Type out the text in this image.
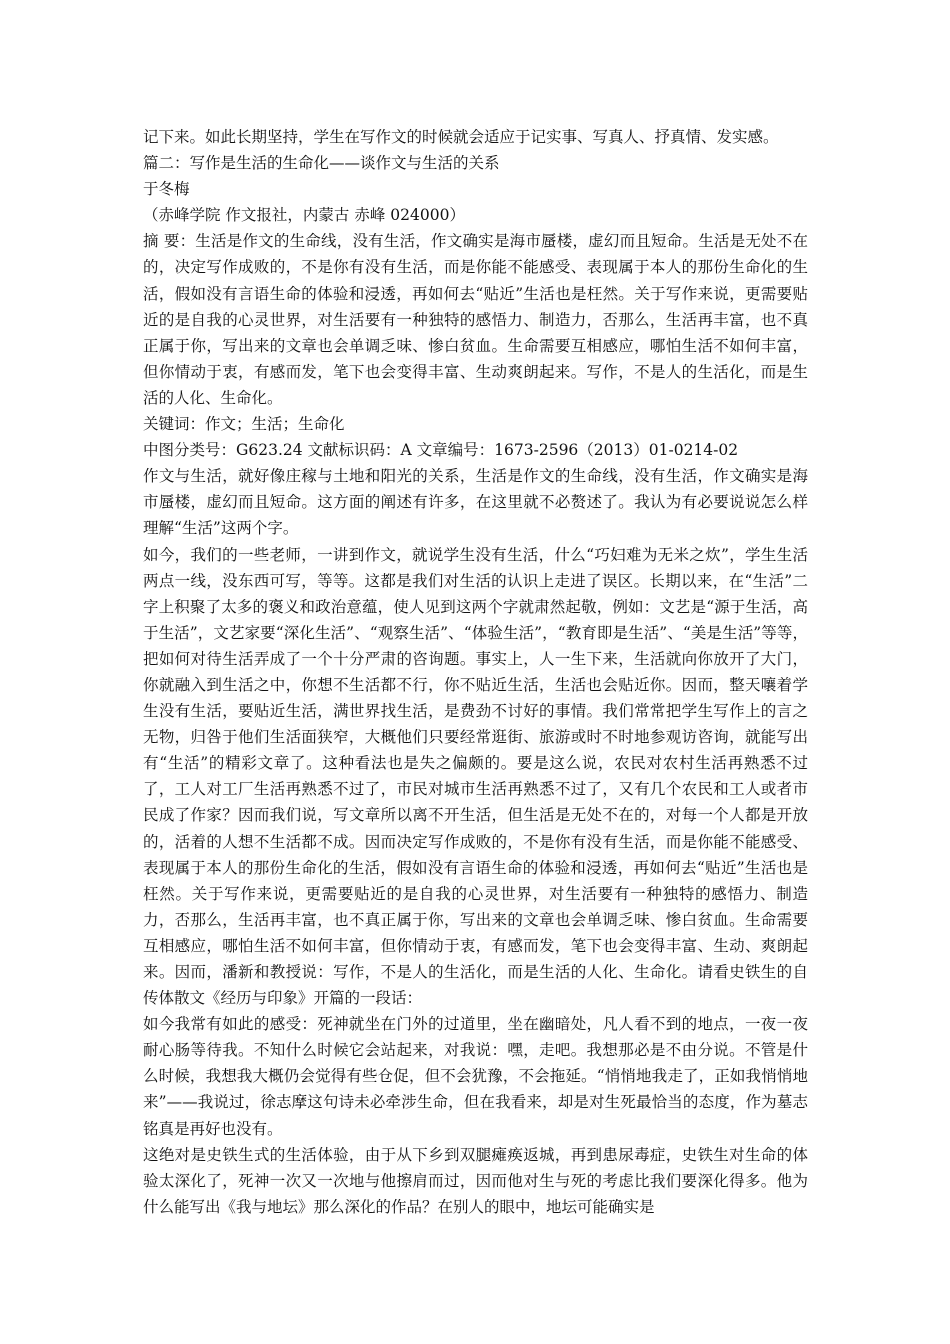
记下来。如此长期坚持，学生在写作文的时候就会适应于记实事、写真人、抒真情、发实感。

篇二：写作是生活的生命化——谈作文与生活的关系

于冬梅

（赤峰学院 作文报社，内蒙古 赤峰 024000）

摘 要：生活是作文的生命线，没有生活，作文确实是海市蜃楼，虚幻而且短命。生活是无处不在的，决定写作成败的，不是你有没有生活，而是你能不能感受、表现属于本人的那份生命化的生活，假如没有言语生命的体验和浸透，再如何去“贴近”生活也是枉然。关于写作来说，更需要贴近的是自我的心灵世界，对生活要有一种独特的感悟力、制造力，否那么，生活再丰富，也不真正属于你，写出来的文章也会单调乏味、惨白贫血。生命需要互相感应，哪怕生活不如何丰富，但你情动于衷，有感而发，笔下也会变得丰富、生动爽朗起来。写作，不是人的生活化，而是生活的人化、生命化。

关键词：作文；生活；生命化

中图分类号：G623.24 文献标识码：A 文章编号：1673-2596（2013）01-0214-02

作文与生活，就好像庄稼与土地和阳光的关系，生活是作文的生命线，没有生活，作文确实是海市蜃楼，虚幻而且短命。这方面的阐述有许多，在这里就不必赘述了。我认为有必要说说怎么样理解“生活”这两个字。

如今，我们的一些老师，一讲到作文，就说学生没有生活，什么“巧妇难为无米之炊”，学生生活两点一线，没东西可写，等等。这都是我们对生活的认识上走进了误区。长期以来，在“生活”二字上积聚了太多的褒义和政治意蕴，使人见到这两个字就肃然起敬，例如：文艺是“源于生活，高于生活”，文艺家要“深化生活”、“观察生活”、“体验生活”，“教育即是生活”、“美是生活”等等，把如何对待生活弄成了一个十分严肃的咨询题。事实上，人一生下来，生活就向你放开了大门，你就融入到生活之中，你想不生活都不行，你不贴近生活，生活也会贴近你。因而，整天嚷着学生没有生活，要贴近生活，满世界找生活，是费劲不讨好的事情。我们常常把学生写作上的言之无物，归咎于他们生活面狭窄，大概他们只要经常逛街、旅游或时不时地参观访咨询，就能写出有“生活”的精彩文章了。这种看法也是失之偏颇的。要是这么说，农民对农村生活再熟悉不过了，工人对工厂生活再熟悉不过了，市民对城市生活再熟悉不过了，又有几个农民和工人或者市民成了作家？因而我们说，写文章所以离不开生活，但生活是无处不在的，对每一个人都是开放的，活着的人想不生活都不成。因而决定写作成败的，不是你有没有生活，而是你能不能感受、表现属于本人的那份生命化的生活，假如没有言语生命的体验和浸透，再如何去“贴近”生活也是枉然。关于写作来说，更需要贴近的是自我的心灵世界，对生活要有一种独特的感悟力、制造力，否那么，生活再丰富，也不真正属于你，写出来的文章也会单调乏味、惨白贫血。生命需要互相感应，哪怕生活不如何丰富，但你情动于衷，有感而发，笔下也会变得丰富、生动、爽朗起来。因而，潘新和教授说：写作，不是人的生活化，而是生活的人化、生命化。请看史铁生的自传体散文《经历与印象》开篇的一段话：

如今我常有如此的感受：死神就坐在门外的过道里，坐在幽暗处，凡人看不到的地点，一夜一夜耐心肠等待我。不知什么时候它会站起来，对我说：嘿，走吧。我想那必是不由分说。不管是什么时候，我想我大概仍会觉得有些仓促，但不会犹豫，不会拖延。“悄悄地我走了，正如我悄悄地来”——我说过，徐志摩这句诗未必牵涉生命，但在我看来，却是对生死最恰当的态度，作为墓志铭真是再好也没有。

这绝对是史铁生式的生活体验，由于从下乡到双腿瘫痪返城，再到患尿毒症，史铁生对生命的体验太深化了，死神一次又一次地与他擦肩而过，因而他对生与死的考虑比我们要深化得多。他为什么能写出《我与地坛》那么深化的作品？在别人的眼中，地坛可能确实是
